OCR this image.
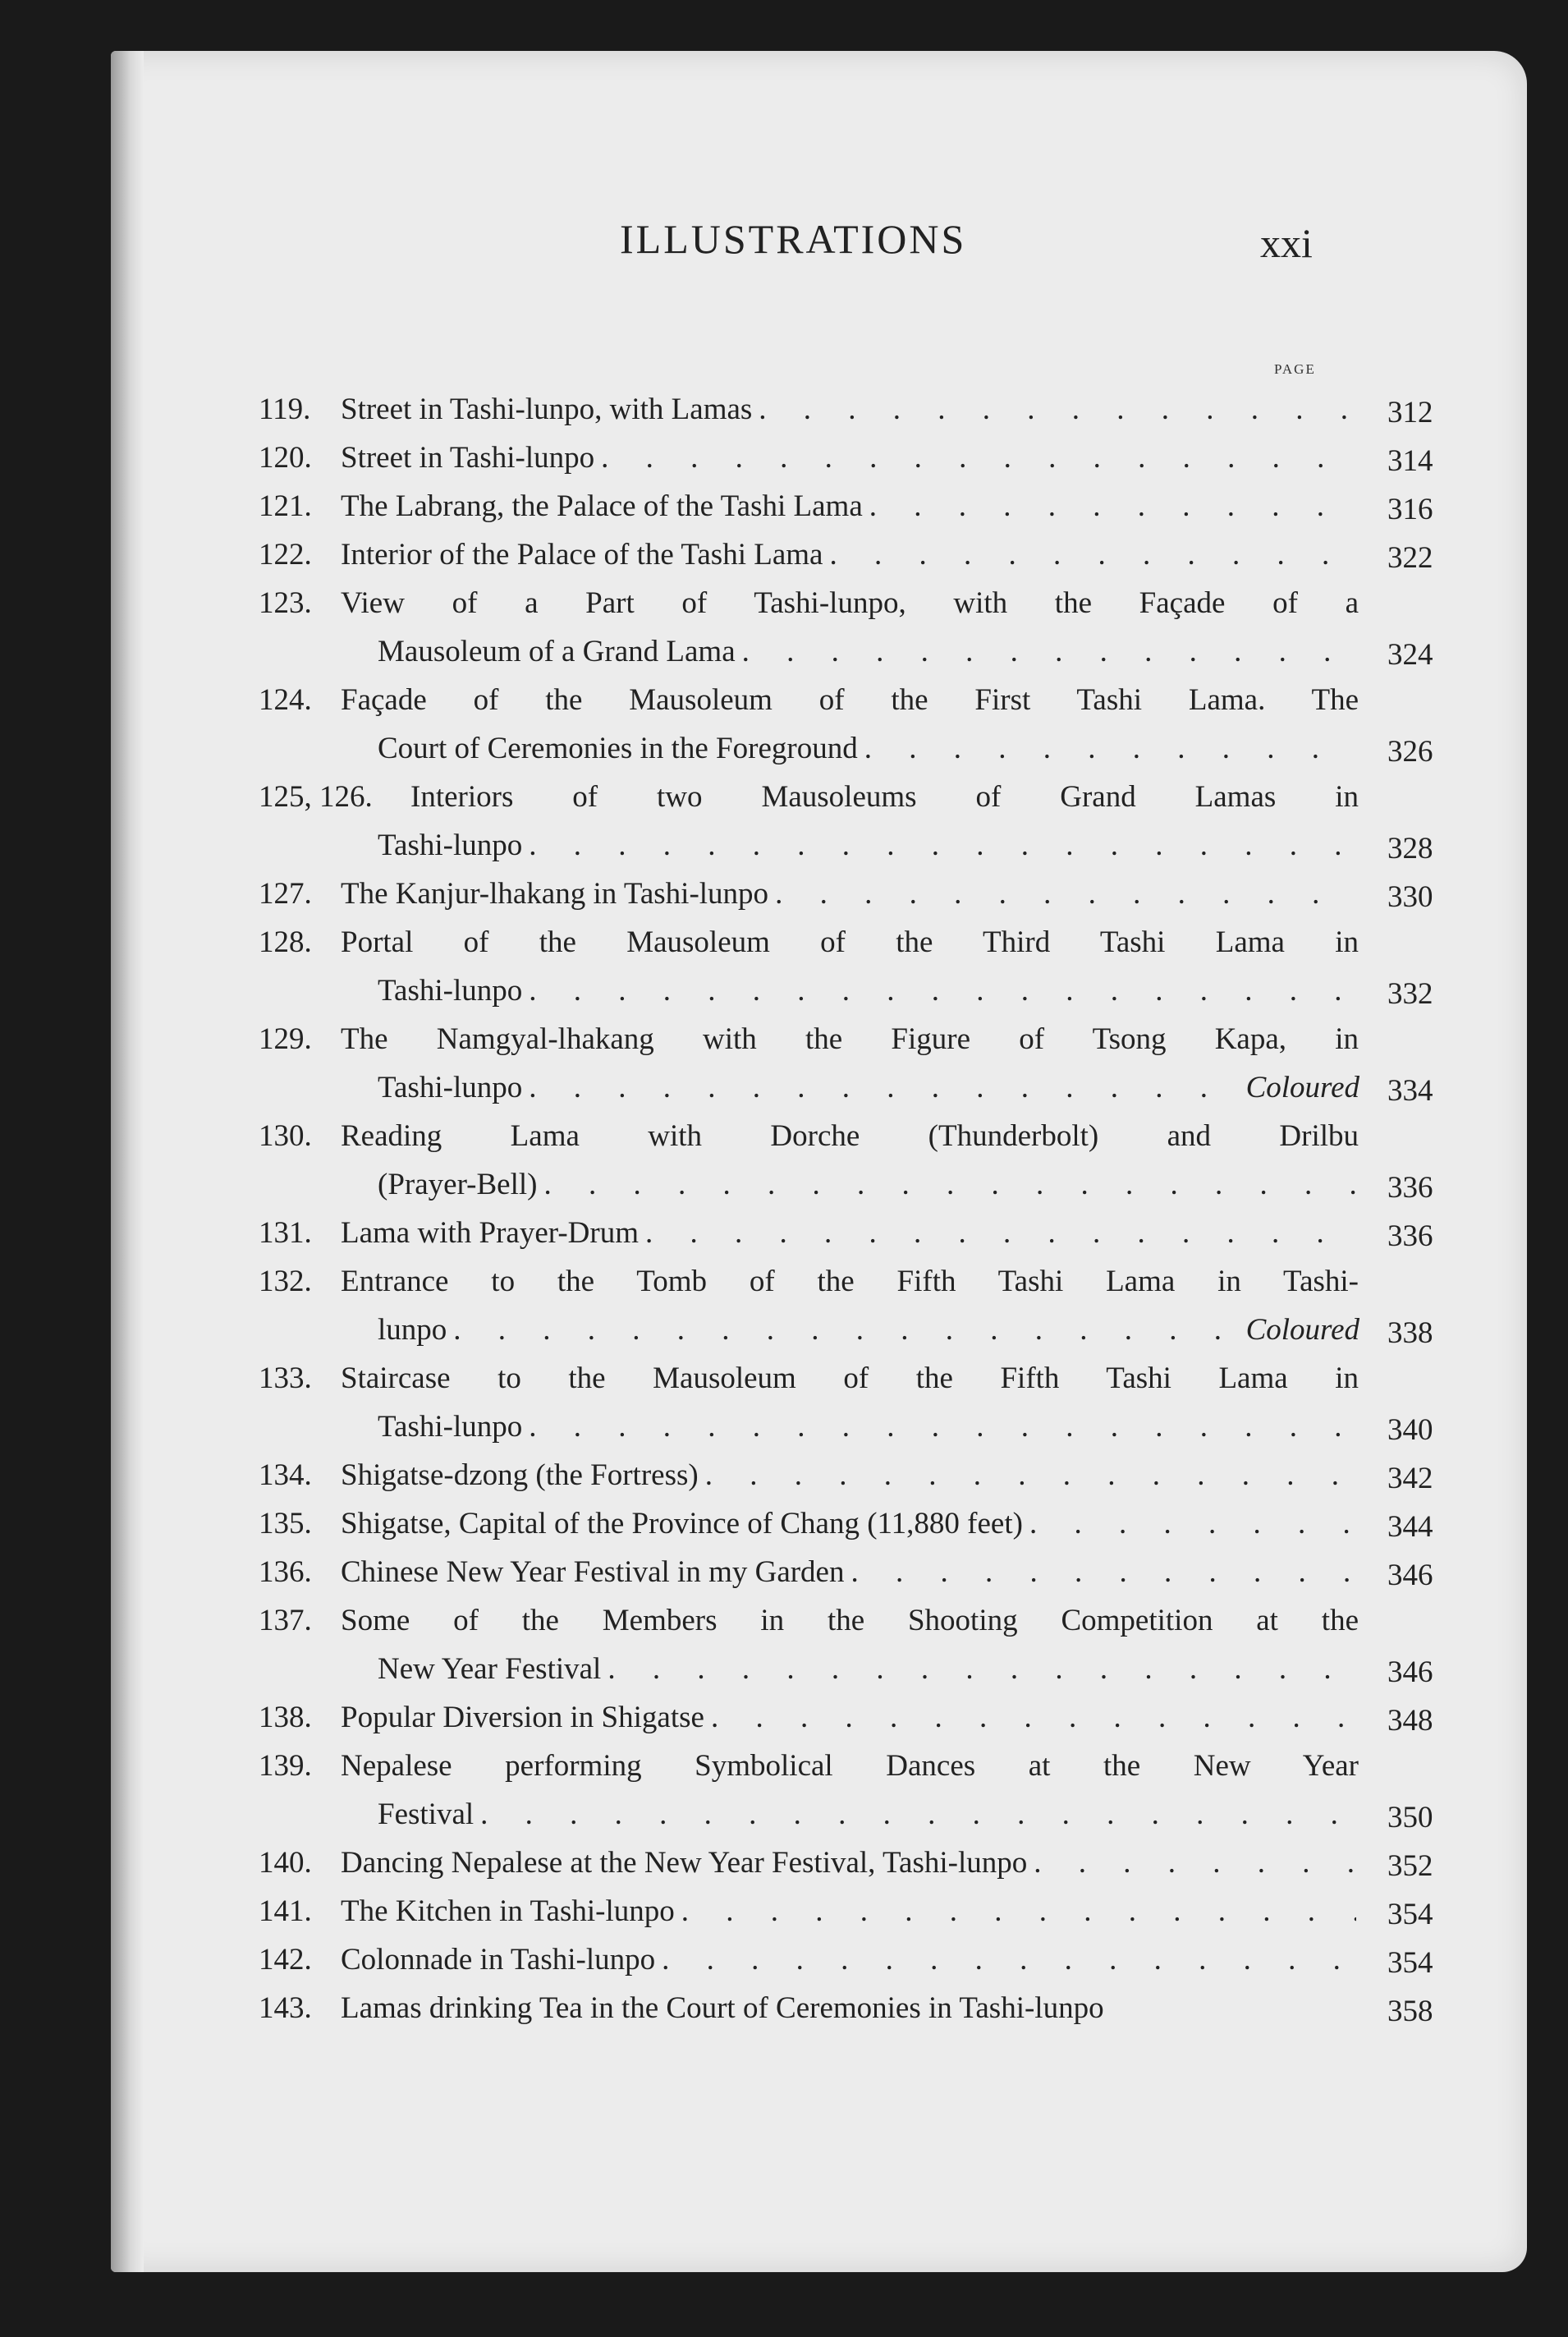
ILLUSTRATIONS	xxi
PAGE
119. Street in Tashi-lunpo, with Lamas . . .	312
120. Street in Tashi-lunpo . . .	314
121. The Labrang, the Palace of the Tashi Lama . . .	316
122. Interior of the Palace of the Tashi Lama . . .	322
123. View of a Part of Tashi-lunpo, with the Façade of a
Mausoleum of a Grand Lama . . .	324
124. Façade of the Mausoleum of the First Tashi Lama. The
Court of Ceremonies in the Foreground . . .	326
125, 126. Interiors of two Mausoleums of Grand Lamas in
Tashi-lunpo . . .	328
127. The Kanjur-lhakang in Tashi-lunpo . . .	330
128. Portal of the Mausoleum of the Third Tashi Lama in
Tashi-lunpo . . .	332
129. The Namgyal-lhakang with the Figure of Tsong Kapa, in
Tashi-lunpo . . .	Coloured 334
130. Reading Lama with Dorche (Thunderbolt) and Drilbu
(Prayer-Bell) . . .	336
131. Lama with Prayer-Drum . . .	336
132. Entrance to the Tomb of the Fifth Tashi Lama in Tashi-
lunpo . . .	Coloured 338
133. Staircase to the Mausoleum of the Fifth Tashi Lama in
Tashi-lunpo . . .	340
134. Shigatse-dzong (the Fortress) . . .	342
135. Shigatse, Capital of the Province of Chang (11,880 feet) . . .	344
136. Chinese New Year Festival in my Garden . . .	346
137. Some of the Members in the Shooting Competition at the
New Year Festival . . .	346
138. Popular Diversion in Shigatse . . .	348
139. Nepalese performing Symbolical Dances at the New Year
Festival . . .	350
140. Dancing Nepalese at the New Year Festival, Tashi-lunpo . . .	352
141. The Kitchen in Tashi-lunpo . . .	354
142. Colonnade in Tashi-lunpo . . .	354
143. Lamas drinking Tea in the Court of Ceremonies in Tashi-lunpo	358
